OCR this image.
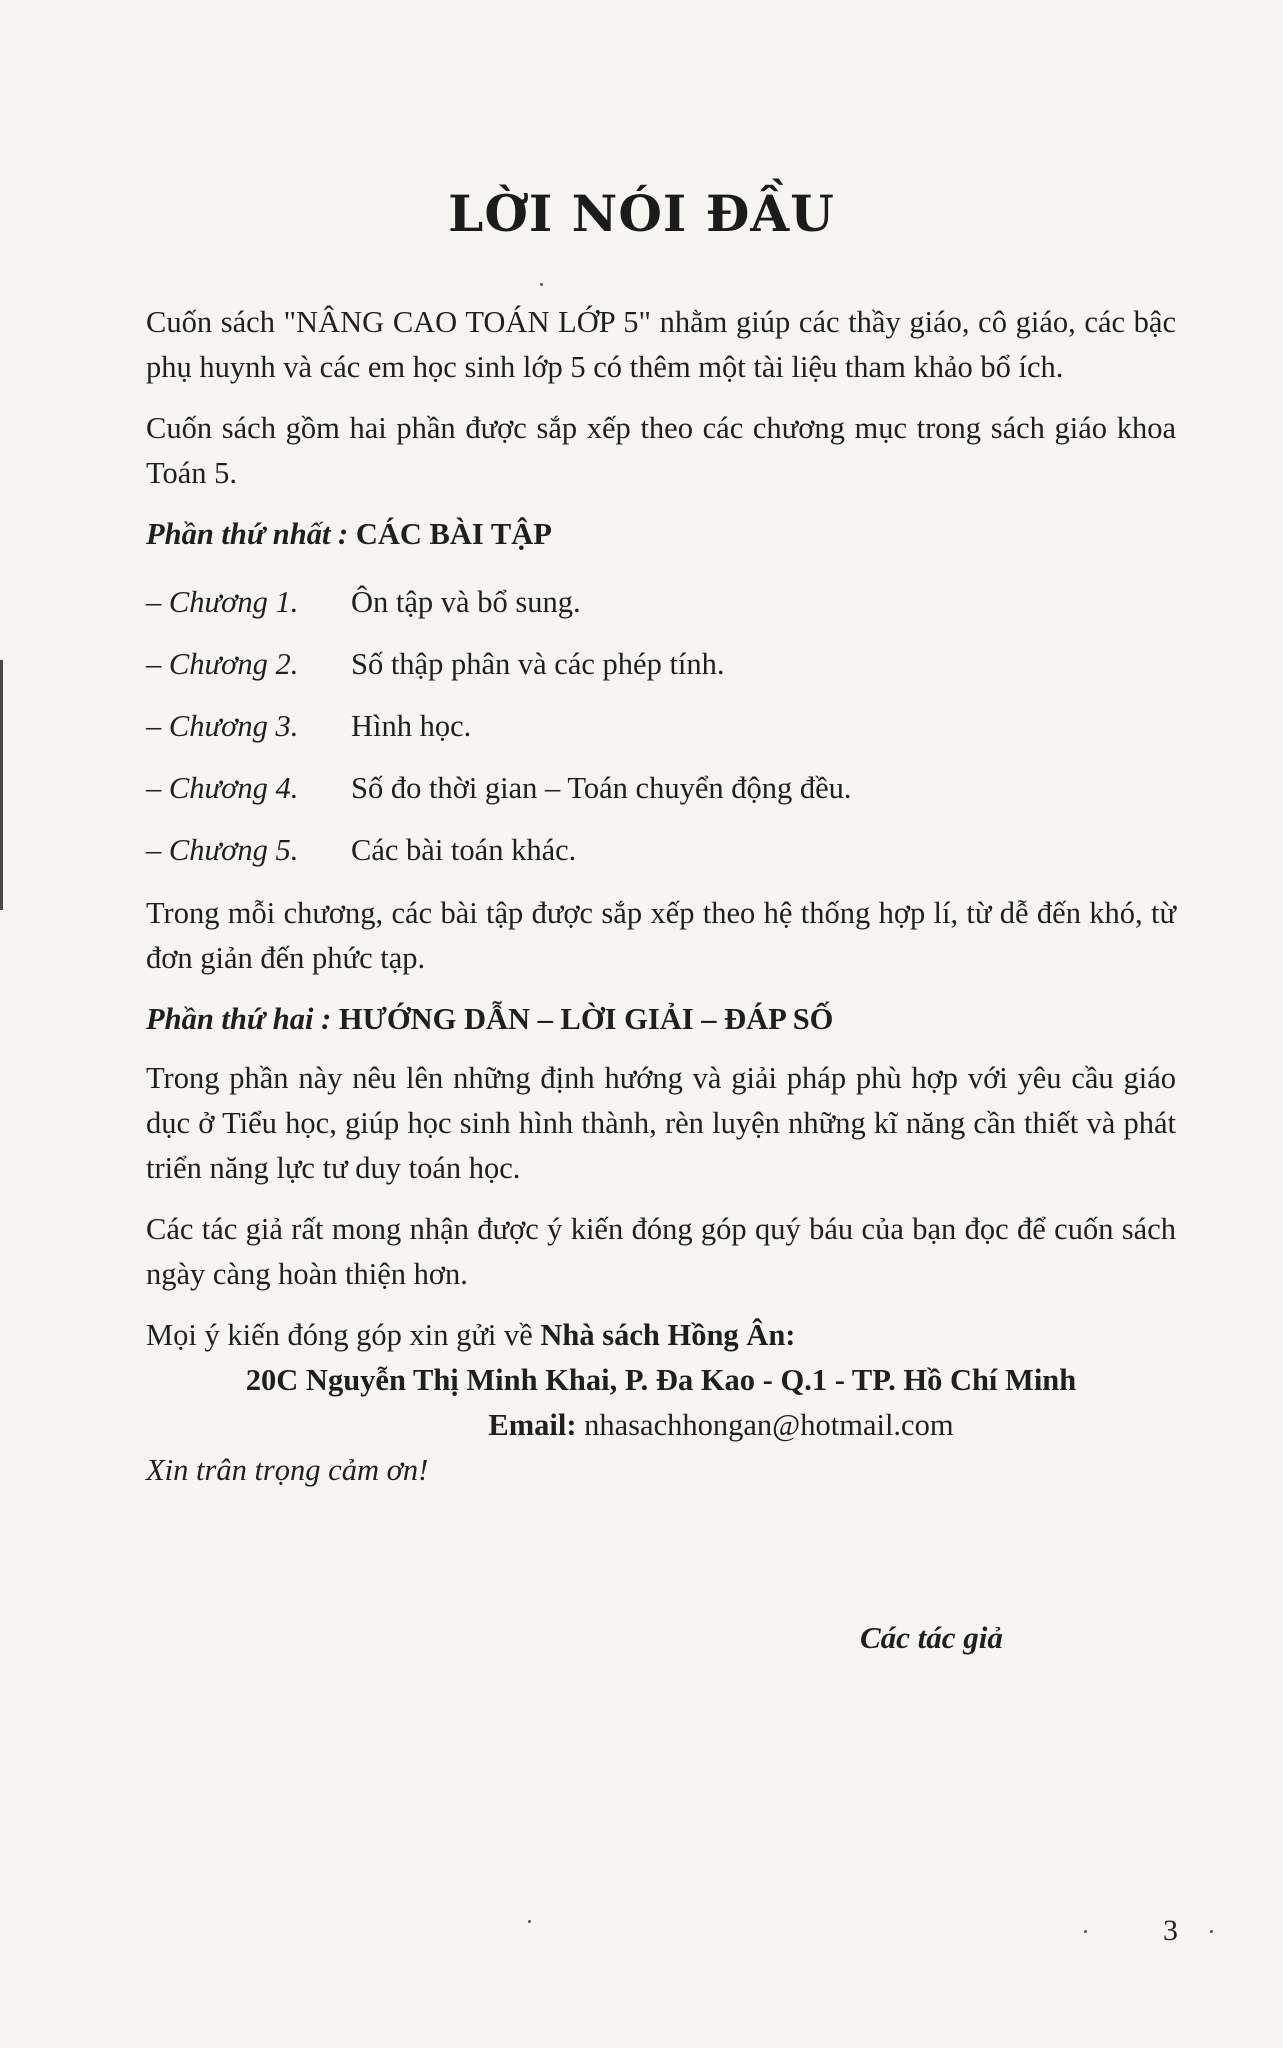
LỜI NÓI ĐẦU

Cuốn sách "NÂNG CAO TOÁN LỚP 5" nhằm giúp các thầy giáo, cô giáo, các bậc phụ huynh và các em học sinh lớp 5 có thêm một tài liệu tham khảo bổ ích.

Cuốn sách gồm hai phần được sắp xếp theo các chương mục trong sách giáo khoa Toán 5.

Phần thứ nhất : CÁC BÀI TẬP

– Chương 1.	Ôn tập và bổ sung.
– Chương 2.	Số thập phân và các phép tính.
– Chương 3.	Hình học.
– Chương 4.	Số đo thời gian – Toán chuyển động đều.
– Chương 5.	Các bài toán khác.

Trong mỗi chương, các bài tập được sắp xếp theo hệ thống hợp lí, từ dễ đến khó, từ đơn giản đến phức tạp.

Phần thứ hai : HƯỚNG DẪN – LỜI GIẢI – ĐÁP SỐ

Trong phần này nêu lên những định hướng và giải pháp phù hợp với yêu cầu giáo dục ở Tiểu học, giúp học sinh hình thành, rèn luyện những kĩ năng cần thiết và phát triển năng lực tư duy toán học.

Các tác giả rất mong nhận được ý kiến đóng góp quý báu của bạn đọc để cuốn sách ngày càng hoàn thiện hơn.

Mọi ý kiến đóng góp xin gửi về Nhà sách Hồng Ân:

20C Nguyễn Thị Minh Khai, P. Đa Kao - Q.1 - TP. Hồ Chí Minh

Email: nhasachhongan@hotmail.com

Xin trân trọng cảm ơn!

Các tác giả
3
